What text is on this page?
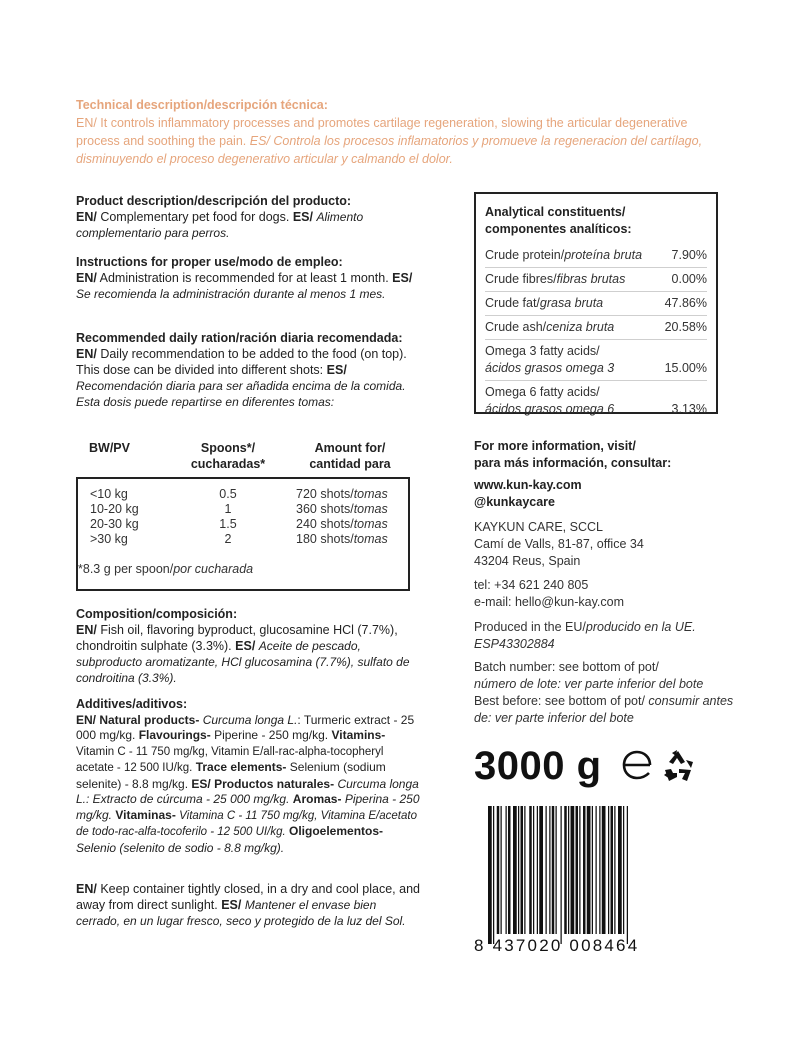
Technical description/descripción técnica:
EN/ It controls inflammatory processes and promotes cartilage regeneration, slowing the articular degenerative process and soothing the pain. ES/ Controla los procesos inflamatorios y promueve la regeneracion del cartílago, disminuyendo el proceso degenerativo articular y calmando el dolor.
Product description/descripción del producto:
EN/ Complementary pet food for dogs. ES/ Alimento complementario para perros.
Instructions for proper use/modo de empleo:
EN/ Administration is recommended for at least 1 month. ES/ Se recomienda la administración durante al menos 1 mes.
Recommended daily ration/ración diaria recomendada:
EN/ Daily recommendation to be added to the food (on top). This dose can be divided into different shots: ES/ Recomendación diaria para ser añadida encima de la comida. Esta dosis puede repartirse en diferentes tomas:
BW/PV	Spoons*/
cucharadas*
Amount for/
cantidad para
<10 kg	0.5	720 shots/tomas
10-20 kg	1	360 shots/tomas
20-30 kg	1.5	240 shots/tomas
>30 kg	2	180 shots/tomas
*8.3 g per spoon/por cucharada
Composition/composición:
EN/ Fish oil, flavoring byproduct, glucosamine HCl (7.7%), chondroitin sulphate (3.3%). ES/ Aceite de pescado, subproducto aromatizante, HCl glucosamina (7.7%), sulfato de condroitina (3.3%).
Additives/aditivos:
EN/ Natural products- Curcuma longa L.: Turmeric extract - 25 000 mg/kg. Flavourings- Piperine - 250 mg/kg. Vitamins- Vitamin C - 11 750 mg/kg, Vitamin E/all-rac-alpha-tocopheryl acetate - 12 500 IU/kg. Trace elements- Selenium (sodium selenite) - 8.8 mg/kg. ES/ Productos naturales- Curcuma longa L.: Extracto de cúrcuma - 25 000 mg/kg. Aromas- Piperina - 250 mg/kg. Vitaminas- Vitamina C - 11 750 mg/kg, Vitamina E/acetato de todo-rac-alfa-tocoferilo - 12 500 UI/kg. Oligoelementos- Selenio (selenito de sodio - 8.8 mg/kg).
EN/ Keep container tightly closed, in a dry and cool place, and away from direct sunlight. ES/ Mantener el envase bien cerrado, en un lugar fresco, seco y protegido de la luz del Sol.
Analytical constituents/
componentes analíticos:
Crude protein/proteína bruta 7.90%
Crude fibres/fibras brutas	0.00%
Crude fat/grasa bruta	47.86%
Crude ash/ceniza bruta	20.58%
Omega 3 fatty acids/
ácidos grasos omega 3	15.00%
Omega 6 fatty acids/
ácidos grasos omega 6	3.13%
For more information, visit/
para más información, consultar:
www.kun-kay.com
@kunkaycare
KAYKUN CARE, SCCL
Camí de Valls, 81-87, office 34
43204 Reus, Spain
tel: +34 621 240 805
e-mail: hello@kun-kay.com
Produced in the EU/producido en la UE.
ESP43302884
Batch number: see bottom of pot/
número de lote: ver parte inferior del bote
Best before: see bottom of pot/ consumir antes de: ver parte inferior del bote
3000 g
8 437020 008464
